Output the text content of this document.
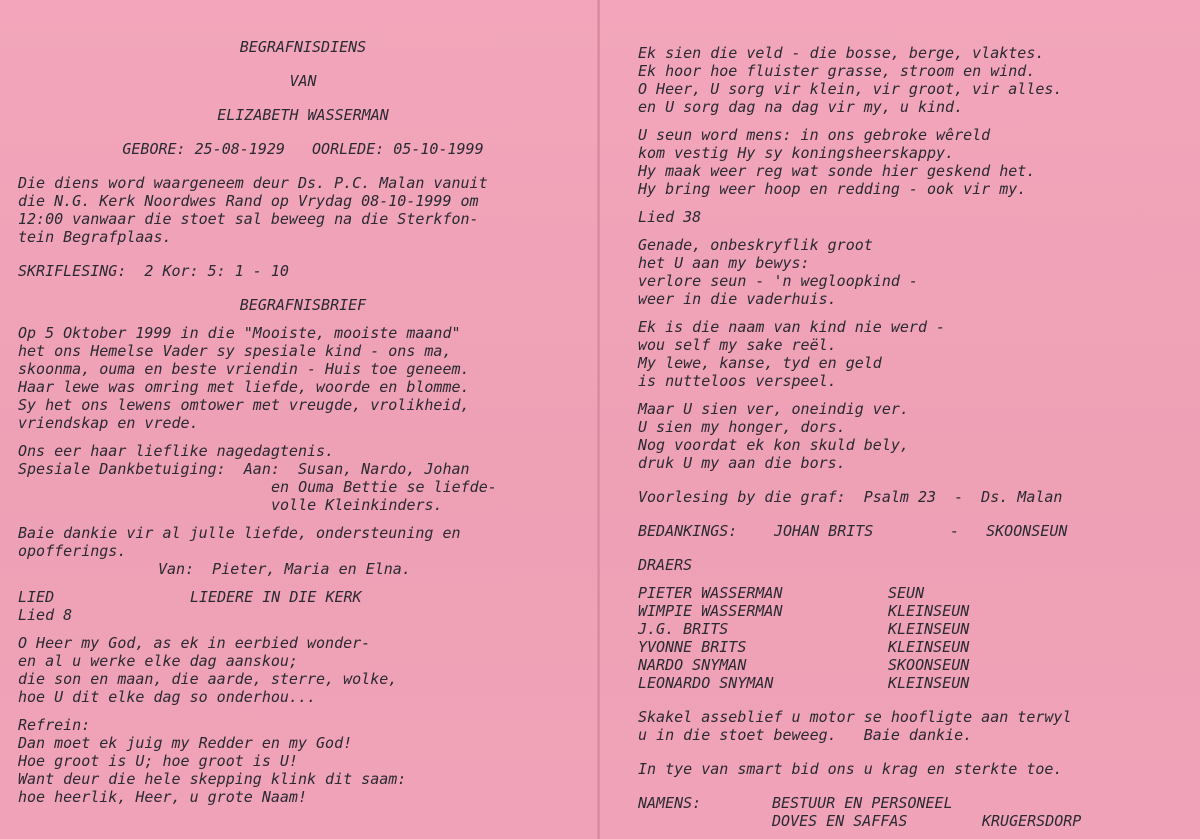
BEGRAFNISDIENS
VAN
ELIZABETH WASSERMAN
GEBORE: 25-08-1929   OORLEDE: 05-10-1999
Die diens word waargeneem deur Ds. P.C. Malan vanuit
die N.G. Kerk Noordwes Rand op Vrydag 08-10-1999 om
12:00 vanwaar die stoet sal beweeg na die Sterkfon-
tein Begrafplaas.
SKRIFLESING:  2 Kor: 5: 1 - 10
BEGRAFNISBRIEF
Op 5 Oktober 1999 in die "Mooiste, mooiste maand"
het ons Hemelse Vader sy spesiale kind - ons ma,
skoonma, ouma en beste vriendin - Huis toe geneem.
Haar lewe was omring met liefde, woorde en blomme.
Sy het ons lewens omtower met vreugde, vrolikheid,
vriendskap en vrede.
Ons eer haar lieflike nagedagtenis.
Spesiale Dankbetuiging:  Aan:  Susan, Nardo, Johan
en Ouma Bettie se liefde-
volle Kleinkinders.
Baie dankie vir al julle liefde, ondersteuning en
opofferings.
Van:  Pieter, Maria en Elna.
LIED	LIEDERE IN DIE KERK
Lied 8
O Heer my God, as ek in eerbied wonder-
en al u werke elke dag aanskou;
die son en maan, die aarde, sterre, wolke,
hoe U dit elke dag so onderhou...
Refrein:
Dan moet ek juig my Redder en my God!
Hoe groot is U; hoe groot is U!
Want deur die hele skepping klink dit saam:
hoe heerlik, Heer, u grote Naam!
Ek sien die veld - die bosse, berge, vlaktes.
Ek hoor hoe fluister grasse, stroom en wind.
O Heer, U sorg vir klein, vir groot, vir alles.
en U sorg dag na dag vir my, u kind.
U seun word mens: in ons gebroke wêreld
kom vestig Hy sy koningsheerskappy.
Hy maak weer reg wat sonde hier geskend het.
Hy bring weer hoop en redding - ook vir my.
Lied 38
Genade, onbeskryflik groot
het U aan my bewys:
verlore seun - 'n wegloopkind -
weer in die vaderhuis.
Ek is die naam van kind nie werd -
wou self my sake reël.
My lewe, kanse, tyd en geld
is nutteloos verspeel.
Maar U sien ver, oneindig ver.
U sien my honger, dors.
Nog voordat ek kon skuld bely,
druk U my aan die bors.
Voorlesing by die graf:  Psalm 23  -  Ds. Malan
BEDANKINGS:	JOHAN BRITS	-   SKOONSEUN
DRAERS
PIETER WASSERMAN	SEUN
WIMPIE WASSERMAN	KLEINSEUN
J.G. BRITS	KLEINSEUN
YVONNE BRITS	KLEINSEUN
NARDO SNYMAN	SKOONSEUN
LEONARDO SNYMAN	KLEINSEUN
Skakel asseblief u motor se hoofligte aan terwyl
u in die stoet beweeg.   Baie dankie.
In tye van smart bid ons u krag en sterkte toe.
NAMENS:	BESTUUR EN PERSONEEL
DOVES EN SAFFAS	KRUGERSDORP
